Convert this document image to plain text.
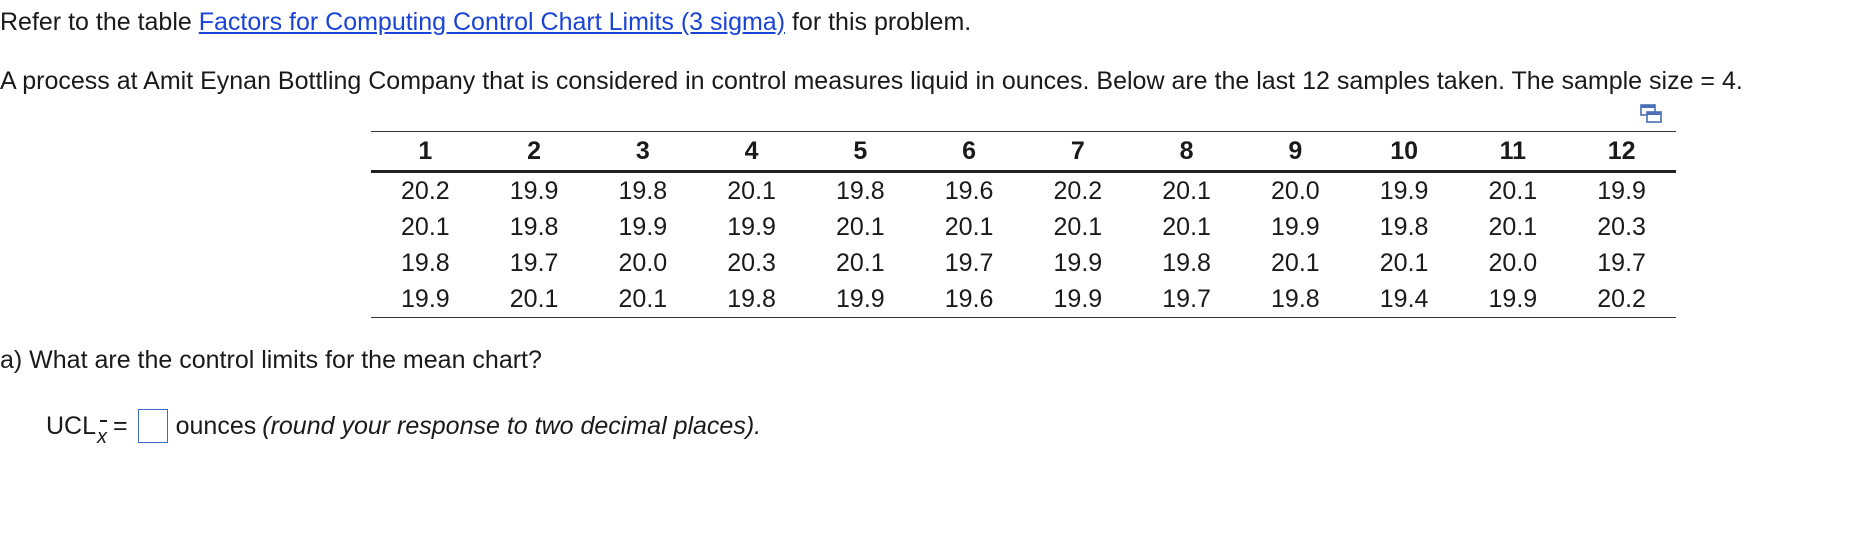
Refer to the table Factors for Computing Control Chart Limits (3 sigma) for this problem.
A process at Amit Eynan Bottling Company that is considered in control measures liquid in ounces. Below are the last 12 samples taken. The sample size = 4.
1	2	3	4	5	6	7	8	9	10	11	12
20.2	19.9	19.8	20.1	19.8	19.6	20.2	20.1	20.0	19.9	20.1	19.9
20.1	19.8	19.9	19.9	20.1	20.1	20.1	20.1	19.9	19.8	20.1	20.3
19.8	19.7	20.0	20.3	20.1	19.7	19.9	19.8	20.1	20.1	20.0	19.7
19.9	20.1	20.1	19.8	19.9	19.6	19.9	19.7	19.8	19.4	19.9	20.2
a) What are the control limits for the mean chart?
UCL
x = ounces (round your response to two decimal places).
